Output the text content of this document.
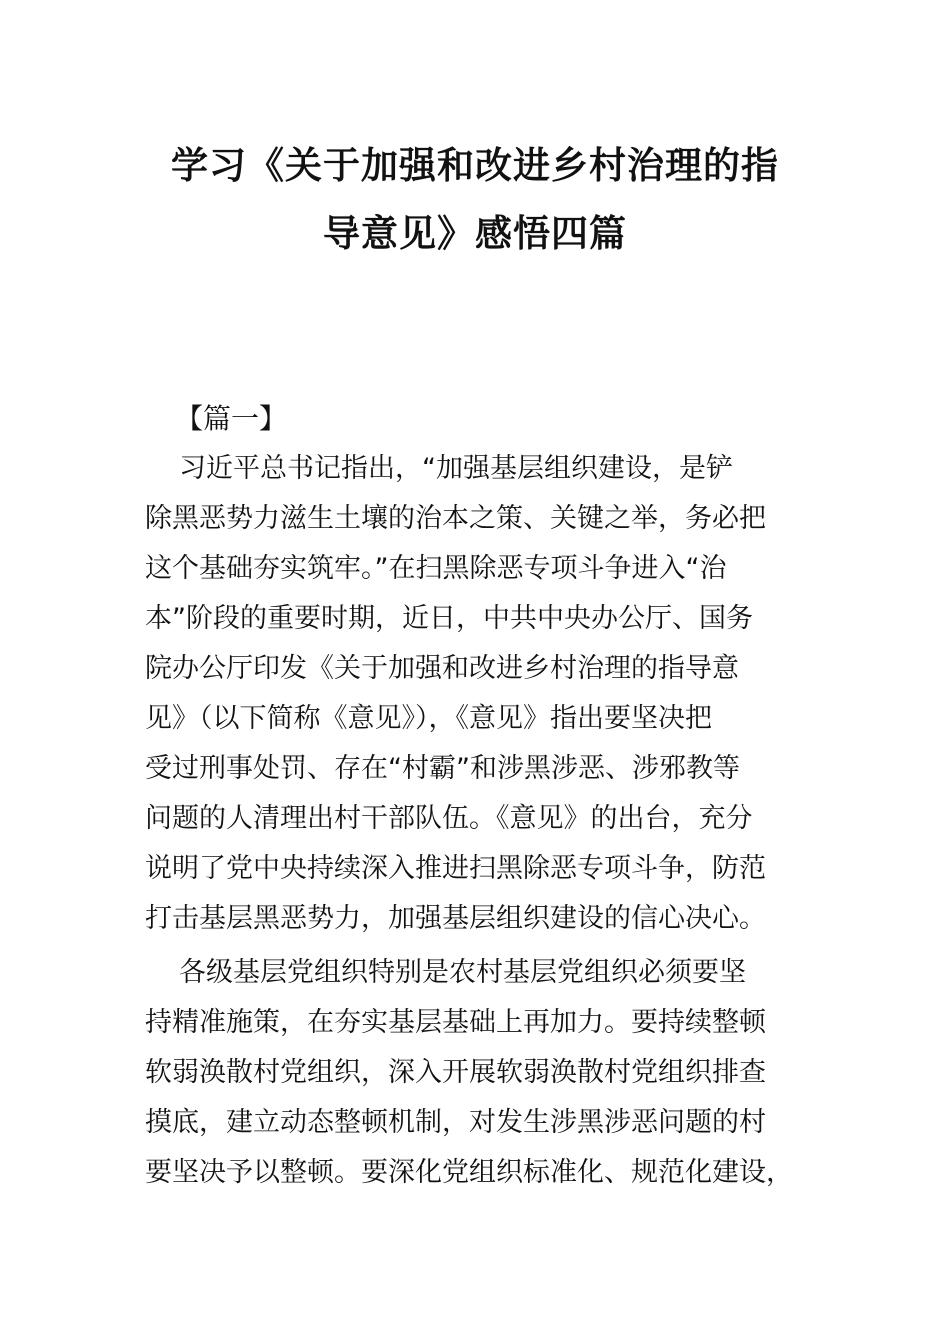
学习《关于加强和改进乡村治理的指
导意见》感悟四篇

【篇一】

习近平总书记指出，“加强基层组织建设，是铲
除黑恶势力滋生土壤的治本之策、关键之举，务必把
这个基础夯实筑牢。”在扫黑除恶专项斗争进入“治
本”阶段的重要时期，近日，中共中央办公厅、国务
院办公厅印发《关于加强和改进乡村治理的指导意
见》（以下简称《意见》），《意见》指出要坚决把
受过刑事处罚、存在“村霸”和涉黑涉恶、涉邪教等
问题的人清理出村干部队伍。《意见》的出台，充分
说明了党中央持续深入推进扫黑除恶专项斗争，防范
打击基层黑恶势力，加强基层组织建设的信心决心。

各级基层党组织特别是农村基层党组织必须要坚
持精准施策，在夯实基层基础上再加力。要持续整顿
软弱涣散村党组织，深入开展软弱涣散村党组织排查
摸底，建立动态整顿机制，对发生涉黑涉恶问题的村
要坚决予以整顿。要深化党组织标准化、规范化建设，
